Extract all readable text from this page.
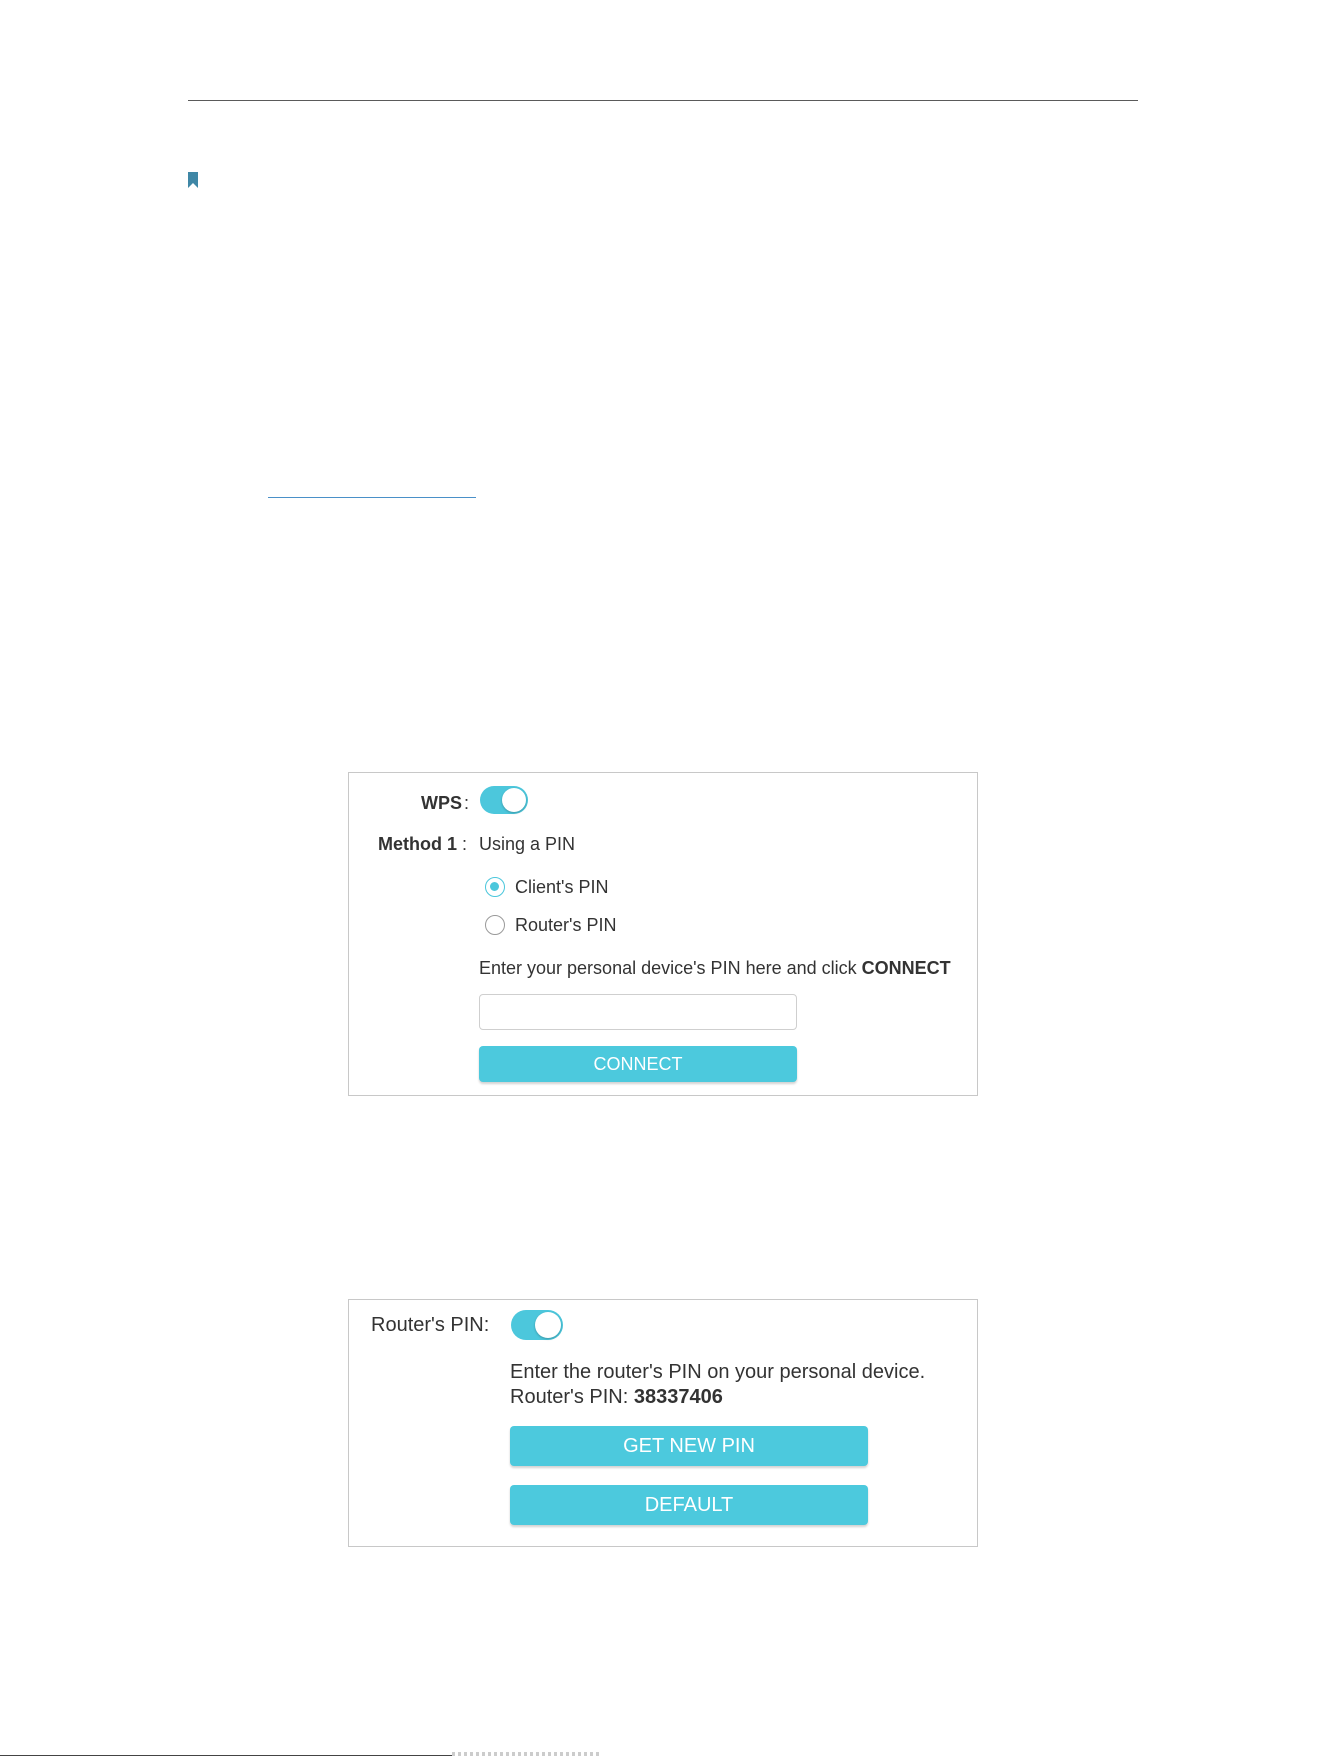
WPS :
Method 1 : Using a PIN
Client's PIN
Router's PIN
Enter your personal device's PIN here and click CONNECT
CONNECT
Router's PIN:
Enter the router's PIN on your personal device.
Router's PIN: 38337406
GET NEW PIN
DEFAULT
